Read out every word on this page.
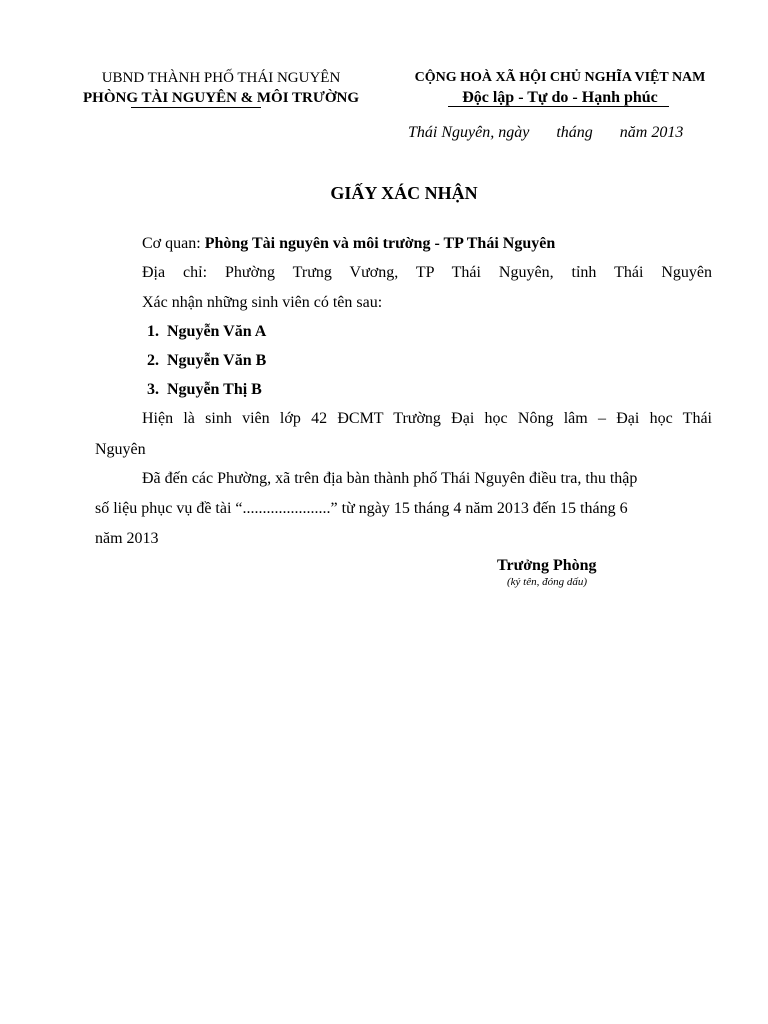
UBND THÀNH PHỐ THÁI NGUYÊN
PHÒNG TÀI NGUYÊN & MÔI TRƯỜNG
CỘNG HOÀ XÃ HỘI CHỦ NGHĨA VIỆT NAM
Độc lập - Tự do - Hạnh phúc
Thái Nguyên, ngày tháng năm 2013
GIẤY XÁC NHẬN
Cơ quan: Phòng Tài nguyên và môi trường - TP Thái Nguyên
Địa chỉ: Phường Trưng Vương, TP Thái Nguyên, tỉnh Thái Nguyên
Xác nhận những sinh viên có tên sau:
1. Nguyễn Văn A
2. Nguyễn Văn B
3. Nguyễn Thị B
Hiện là sinh viên lớp 42 ĐCMT Trường Đại học Nông lâm – Đại học Thái
Nguyên
Đã đến các Phường, xã trên địa bàn thành phố Thái Nguyên điều tra, thu thập
số liệu phục vụ đề tài “......................” từ ngày 15 tháng 4 năm 2013 đến 15 tháng 6
năm 2013
Trưởng Phòng
(ký tên, đóng dấu)
